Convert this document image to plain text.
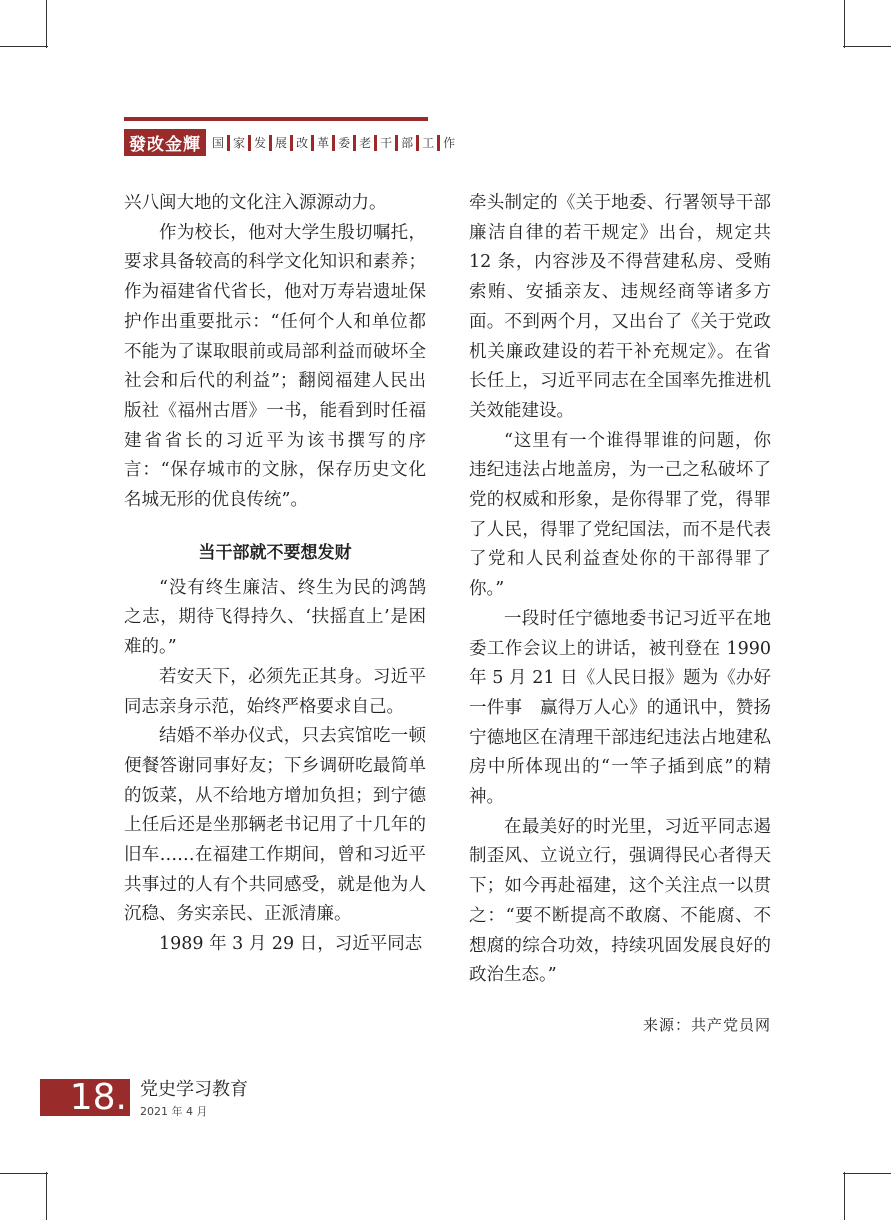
發改金輝 国 家 发 展 改 革 委 老 干 部 工 作

兴八闽大地的文化注入源源动力。

作为校长，他对大学生殷切嘱托，要求具备较高的科学文化知识和素养；作为福建省代省长，他对万寿岩遗址保护作出重要批示：“任何个人和单位都不能为了谋取眼前或局部利益而破坏全社会和后代的利益”；翻阅福建人民出版社《福州古厝》一书，能看到时任福建省省长的习近平为该书撰写的序言：“保存城市的文脉，保存历史文化名城无形的优良传统”。

当干部就不要想发财

“没有终生廉洁、终生为民的鸿鹄之志，期待飞得持久、‘扶摇直上’是困难的。”

若安天下，必须先正其身。习近平同志亲身示范，始终严格要求自己。

结婚不举办仪式，只去宾馆吃一顿便餐答谢同事好友；下乡调研吃最简单的饭菜，从不给地方增加负担；到宁德上任后还是坐那辆老书记用了十几年的旧车……在福建工作期间，曾和习近平共事过的人有个共同感受，就是他为人沉稳、务实亲民、正派清廉。

1989 年 3 月 29 日，习近平同志

牵头制定的《关于地委、行署领导干部廉洁自律的若干规定》出台，规定共 12 条，内容涉及不得营建私房、受贿索贿、安插亲友、违规经商等诸多方面。不到两个月，又出台了《关于党政机关廉政建设的若干补充规定》。在省长任上，习近平同志在全国率先推进机关效能建设。

“这里有一个谁得罪谁的问题，你违纪违法占地盖房，为一己之私破坏了党的权威和形象，是你得罪了党，得罪了人民，得罪了党纪国法，而不是代表了党和人民利益查处你的干部得罪了你。”

一段时任宁德地委书记习近平在地委工作会议上的讲话，被刊登在 1990 年 5 月 21 日《人民日报》题为《办好一件事　赢得万人心》的通讯中，赞扬宁德地区在清理干部违纪违法占地建私房中所体现出的“一竿子插到底”的精神。

在最美好的时光里，习近平同志遏制歪风、立说立行，强调得民心者得天下；如今再赴福建，这个关注点一以贯之：“要不断提高不敢腐、不能腐、不想腐的综合功效，持续巩固发展良好的政治生态。”

来源：共产党员网
18. 党史学习教育
2021 年 4 月
